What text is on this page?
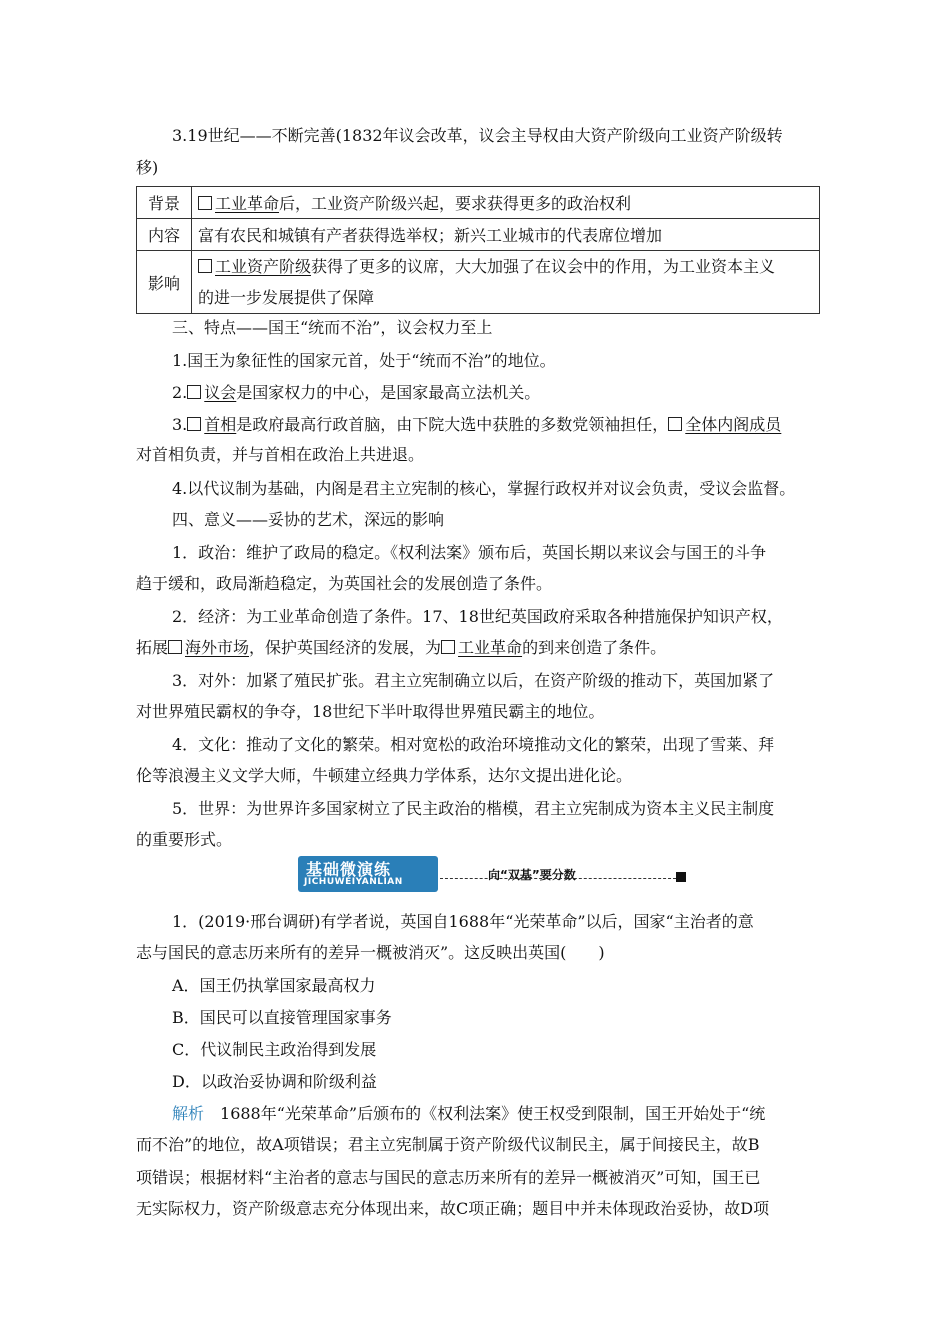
3.19世纪——不断完善(1832年议会改革，议会主导权由大资产阶级向工业资产阶级转
移)
背景	工业革命后，工业资产阶级兴起，要求获得更多的政治权利
内容	富有农民和城镇有产者获得选举权；新兴工业城市的代表席位增加
影响	工业资产阶级获得了更多的议席，大大加强了在议会中的作用，为工业资本主义
的进一步发展提供了保障
三、特点——国王“统而不治”，议会权力至上
1.国王为象征性的国家元首，处于“统而不治”的地位。
2. 议会是国家权力的中心，是国家最高立法机关。
3. 首相是政府最高行政首脑，由下院大选中获胜的多数党领袖担任， 全体内阁成员
对首相负责，并与首相在政治上共进退。
4.以代议制为基础，内阁是君主立宪制的核心，掌握行政权并对议会负责，受议会监督。
四、意义——妥协的艺术，深远的影响
1．政治：维护了政局的稳定。《权利法案》颁布后，英国长期以来议会与国王的斗争
趋于缓和，政局渐趋稳定，为英国社会的发展创造了条件。
2．经济：为工业革命创造了条件。17、18世纪英国政府采取各种措施保护知识产权，
拓展 海外市场，保护英国经济的发展，为 工业革命的到来创造了条件。
3．对外：加紧了殖民扩张。君主立宪制确立以后，在资产阶级的推动下，英国加紧了
对世界殖民霸权的争夺，18世纪下半叶取得世界殖民霸主的地位。
4．文化：推动了文化的繁荣。相对宽松的政治环境推动文化的繁荣，出现了雪莱、拜
伦等浪漫主义文学大师，牛顿建立经典力学体系，达尔文提出进化论。
5．世界：为世界许多国家树立了民主政治的楷模，君主立宪制成为资本主义民主制度
的重要形式。
基础微演练
JICHUWEIYANLIAN	向“双基”要分数
1．(2019·邢台调研)有学者说，英国自1688年“光荣革命”以后，国家“主治者的意
志与国民的意志历来所有的差异一概被消灭”。这反映出英国(　　)
A．国王仍执掌国家最高权力
B．国民可以直接管理国家事务
C．代议制民主政治得到发展
D．以政治妥协调和阶级利益
解析　1688年“光荣革命”后颁布的《权利法案》使王权受到限制，国王开始处于“统
而不治”的地位，故A项错误；君主立宪制属于资产阶级代议制民主，属于间接民主，故B
项错误；根据材料“主治者的意志与国民的意志历来所有的差异一概被消灭”可知，国王已
无实际权力，资产阶级意志充分体现出来，故C项正确；题目中并未体现政治妥协，故D项
